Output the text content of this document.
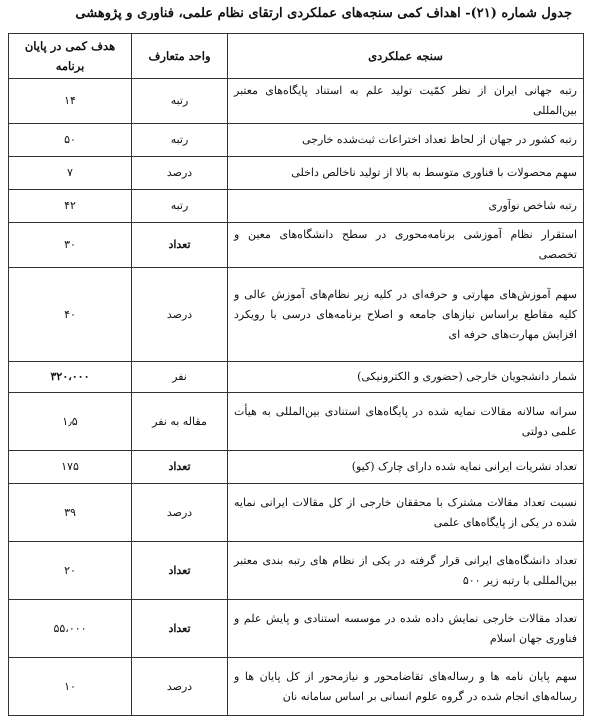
جدول شماره (۲۱)- اهداف کمی سنجه‌های عملکردی ارتقای نظام علمی، فناوری و پژوهشی
سنجه عملکردی	واحد متعارف	هدف کمی در پایان برنامه
رتبه جهانی ایران از نظر کمّیت تولید علم به استناد پایگاه‌های معتبر بین‌المللی	رتبه	۱۴
رتبه کشور در جهان از لحاظ تعداد اختراعات ثبت‌شده خارجی	رتبه	۵۰
سهم محصولات با فناوری متوسط به بالا از تولید ناخالص داخلی	درصد	۷
رتبه شاخص نوآوری	رتبه	۴۲
استقرار نظام آموزشی برنامه‌محوری در سطح دانشگاه‌های معین و تخصصی	تعداد	۳۰
سهم آموزش‌های مهارتی و حرفه‌ای در کلیه زیر نظام‌های آموزش عالی و کلیه مقاطع براساس نیازهای جامعه و اصلاح برنامه‌های درسی با رویکرد افزایش مهارت‌های حرفه ای	درصد	۴۰
شمار دانشجویان خارجی (حضوری و الکترونیکی)	نفر	۳۲۰،۰۰۰
سرانه سالانه مقالات نمایه شده در پایگاه‌های استنادی بین‌المللی به هیأت علمی دولتی	مقاله به نفر	۱٫۵
تعداد نشریات ایرانی نمایه شده دارای چارک (کیو)	تعداد	۱۷۵
نسبت تعداد مقالات مشترک با محققان خارجی از کل مقالات ایرانی نمایه شده در یکی از پایگاه‌های علمی	درصد	۳۹
تعداد دانشگاه‌های ایرانی قرار گرفته در یکی از نظام های رتبه بندی معتبر بین‌المللی با رتبه زیر ۵۰۰	تعداد	۲۰
تعداد مقالات خارجی نمایش داده شده در موسسه استنادی و پایش علم و فناوری جهان اسلام	تعداد	۵۵،۰۰۰
سهم پایان نامه ها و رساله‌های تقاضامحور و نیازمحور از کل پایان ها و رساله‌های انجام شده در گروه علوم انسانی بر اساس سامانه نان	درصد	۱۰
